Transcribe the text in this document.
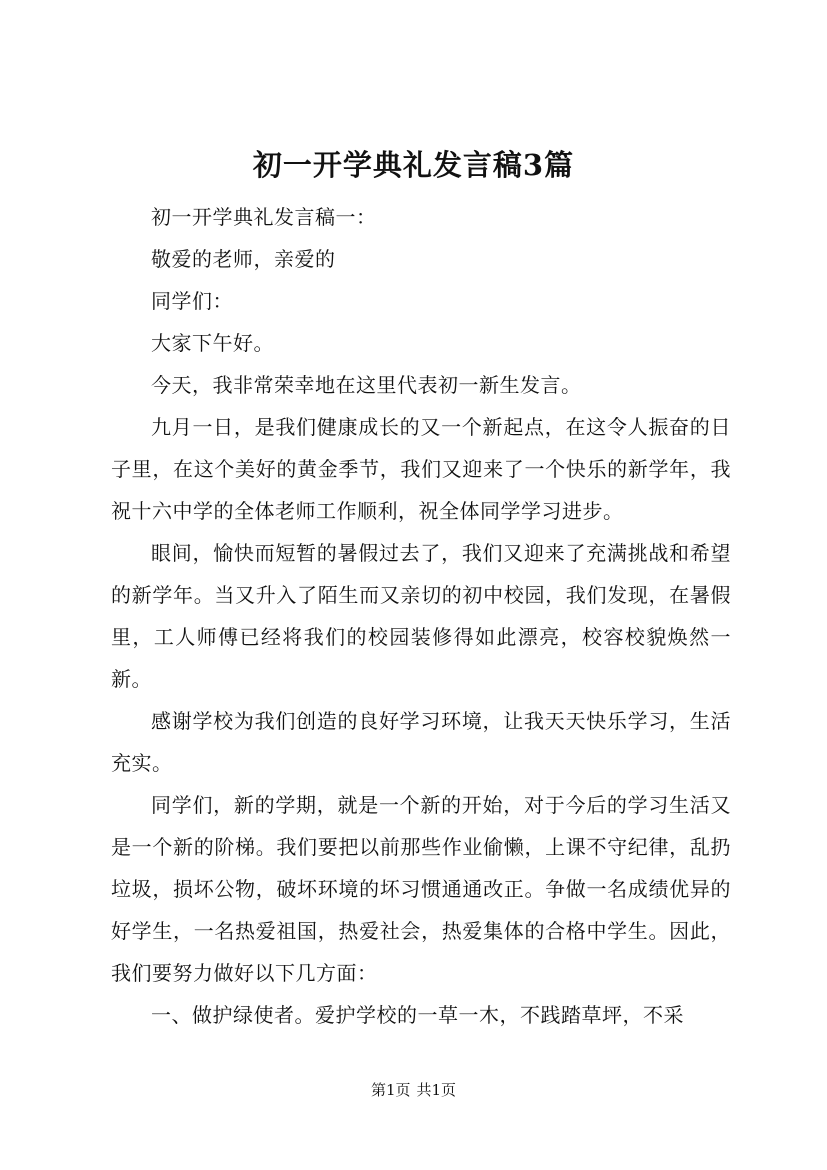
初一开学典礼发言稿3篇

初一开学典礼发言稿一：

敬爱的老师，亲爱的

同学们：

大家下午好。

今天，我非常荣幸地在这里代表初一新生发言。

九月一日，是我们健康成长的又一个新起点，在这令人振奋的日子里，在这个美好的黄金季节，我们又迎来了一个快乐的新学年，我祝十六中学的全体老师工作顺利，祝全体同学学习进步。

眼间，愉快而短暂的暑假过去了，我们又迎来了充满挑战和希望的新学年。当又升入了陌生而又亲切的初中校园，我们发现，在暑假里，工人师傅已经将我们的校园装修得如此漂亮，校容校貌焕然一新。

感谢学校为我们创造的良好学习环境，让我天天快乐学习，生活充实。

同学们，新的学期，就是一个新的开始，对于今后的学习生活又是一个新的阶梯。我们要把以前那些作业偷懒，上课不守纪律，乱扔垃圾，损坏公物，破坏环境的坏习惯通通改正。争做一名成绩优异的好学生，一名热爱祖国，热爱社会，热爱集体的合格中学生。因此，我们要努力做好以下几方面：

一、做护绿使者。爱护学校的一草一木，不践踏草坪，不采

第1页 共1页
